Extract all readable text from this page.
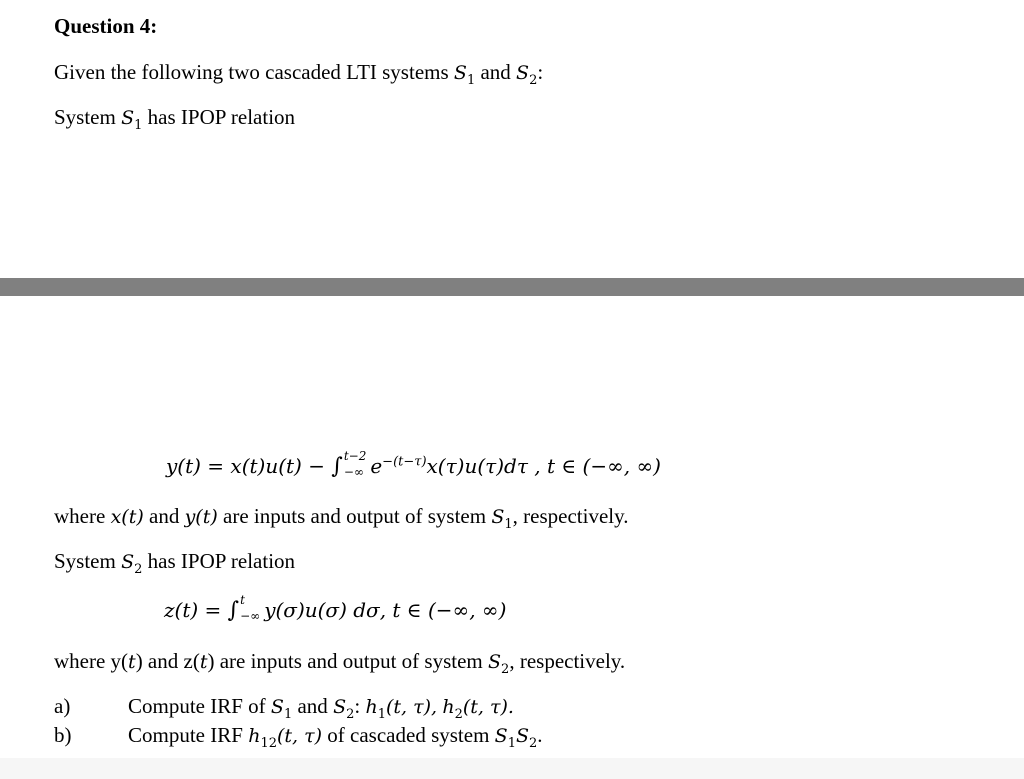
Question 4:
Given the following two cascaded LTI systems $S_1$ and $S_2$:
System $S_1$ has IPOP relation
y(t) = x(t)u(t) − ∫ t−2
−∞ $e^{-(t-\tau)}x(\tau)u(\tau)d\tau$ , t ∈ (−∞, ∞)
where x(t) and y(t) are inputs and output of system $S_1$, respectively.
System $S_2$ has IPOP relation
z(t) = ∫ t
−∞ y(σ)u(σ) dσ, t ∈ (−∞, ∞)
where y(t) and z(t) are inputs and output of system $S_2$, respectively.
a)	Compute IRF of $S_1$ and $S_2$: $h_1(t$, τ), $h_2(t$, τ).
b)	Compute IRF $h_{12}(t$, τ) of cascaded system $S_1S_2$.
